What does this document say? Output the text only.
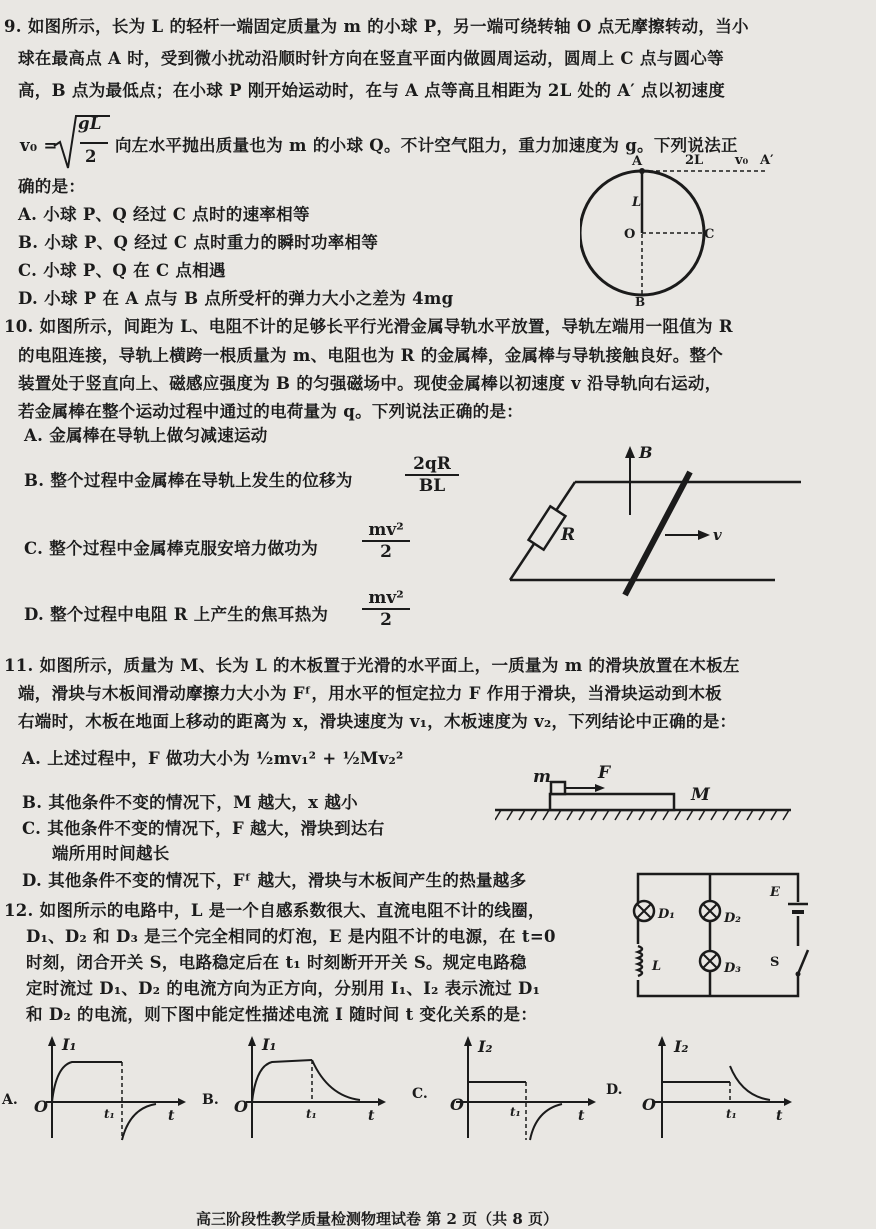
9. 如图所示，长为 L 的轻杆一端固定质量为 m 的小球 P，另一端可绕转轴 O 点无摩擦转动，当小
球在最高点 A 时，受到微小扰动沿顺时针方向在竖直平面内做圆周运动，圆周上 C 点与圆心等
高，B 点为最低点；在小球 P 刚开始运动时，在与 A 点等高且相距为 2L 处的 A′ 点以初速度
v₀ =
gL
2
向左水平抛出质量也为 m 的小球 Q。不计空气阻力，重力加速度为 g。下列说法正
确的是：
A. 小球 P、Q 经过 C 点时的速率相等
B. 小球 P、Q 经过 C 点时重力的瞬时功率相等
C. 小球 P、Q 在 C 点相遇
D. 小球 P 在 A 点与 B 点所受杆的弹力大小之差为 4mg
A	2L v₀ A′
L
O	C
B
10. 如图所示，间距为 L、电阻不计的足够长平行光滑金属导轨水平放置，导轨左端用一阻值为 R
的电阻连接，导轨上横跨一根质量为 m、电阻也为 R 的金属棒，金属棒与导轨接触良好。整个
装置处于竖直向上、磁感应强度为 B 的匀强磁场中。现使金属棒以初速度 v 沿导轨向右运动，
若金属棒在整个运动过程中通过的电荷量为 q。下列说法正确的是：
A. 金属棒在导轨上做匀减速运动
B. 整个过程中金属棒在导轨上发生的位移为	$\frac{2qR}{BL}$
C. 整个过程中金属棒克服安培力做功为	$\frac{\text{mv²}}{2}$
D. 整个过程中电阻 R 上产生的焦耳热为 $\frac{\text{mv²}}{2}$
B
R	v
11. 如图所示，质量为 M、长为 L 的木板置于光滑的水平面上，一质量为 m 的滑块放置在木板左
端，滑块与木板间滑动摩擦力大小为 Fᶠ，用水平的恒定拉力 F 作用于滑块，当滑块运动到木板
右端时，木板在地面上移动的距离为 x，滑块速度为 v₁，木板速度为 v₂，下列结论中正确的是：
A. 上述过程中，F 做功大小为 ½mv₁² + ½Mv₂²
B. 其他条件不变的情况下，M 越大，x 越小
C. 其他条件不变的情况下，F 越大，滑块到达右
端所用时间越长
D. 其他条件不变的情况下，Fᶠ 越大，滑块与木板间产生的热量越多
m	F
M
12. 如图所示的电路中，L 是一个自感系数很大、直流电阻不计的线圈，
D₁、D₂ 和 D₃ 是三个完全相同的灯泡，E 是内阻不计的电源，在 t=0
时刻，闭合开关 S，电路稳定后在 t₁ 时刻断开开关 S。规定电路稳
定时流过 D₁、D₂ 的电流方向为正方向，分别用 I₁、I₂ 表示流过 D₁
和 D₂ 的电流，则下图中能定性描述电流 I 随时间 t 变化关系的是：
D₁	D₂
D₃
L
E
S
A.
I₁
O	t₁	t
B.
I₁
O	t₁	t
C.
I₂
O	t₁	t
D.
I₂
O	t₁	t
高三阶段性教学质量检测物理试卷 第 2 页（共 8 页）
